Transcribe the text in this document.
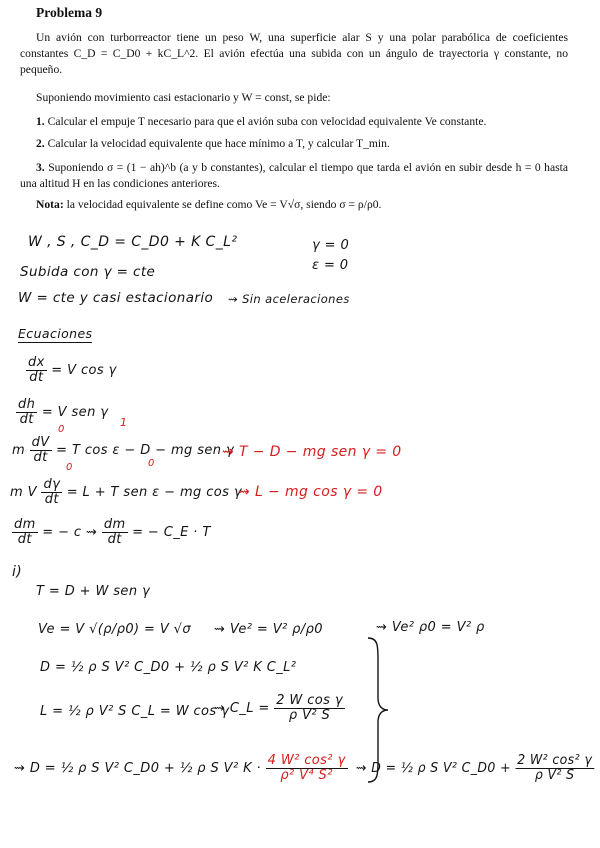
Problema 9

Un avión con turborreactor tiene un peso W, una superficie alar S y una polar parabólica de coeficientes constantes C_D = C_D0 + kC_L^2. El avión efectúa una subida con un ángulo de trayectoria γ constante, no pequeño.

Suponiendo movimiento casi estacionario y W = const, se pide:

1. Calcular el empuje T necesario para que el avión suba con velocidad equivalente Ve constante.

2. Calcular la velocidad equivalente que hace mínimo a T, y calcular T_min.

3. Suponiendo σ = (1 − ah)^b (a y b constantes), calcular el tiempo que tarda el avión en subir desde h = 0 hasta una altitud H en las condiciones anteriores.

Nota: la velocidad equivalente se define como Ve = V√σ, siendo σ = ρ/ρ0.

W , S , C_D = C_D0 + K C_L²	γ = 0
ε = 0
Subida con γ = cte
W = cte y casi estacionario ⇝ Sin aceleraciones
Ecuaciones
$\frac{dx}{dt} = V$ cos γ
$\frac{dh}{dt} = V$ sen γ
m $\frac{dV}{dt} = T$ cos ε − D − mg sen γ
⇝ T − D − mg sen γ = 0
1
0
m V $\frac{d\gamma}{dt} = L + T$ sen ε − mg cos γ
⇝ L − mg cos γ = 0
0	0
$\frac{dm}{dt}$ = − c ⇝ $\frac{dm}{dt}$ = − C_E · T
i)
T = D + W sen γ
Ve = V √(ρ/ρ0) = V √σ ⇝ Ve² = V² ρ/ρ0	⇝ Ve² ρ0 = V² ρ
D = ½ ρ S V² C_D0 + ½ ρ S V² K C_L²
L = ½ ρ V² S C_L = W cos γ
⇝ C_L = $\frac{\text{2 W cos γ}}{\text{ρ V² S}}$
⇝ D = ½ ρ S V² C_D0 + ½ ρ S V² $K \cdot \frac{\text{4 W² cos² γ}}{\text{ρ² V⁴ S²}}$ ⇝ D = ½ ρ S V² C_D0 + $\frac{\text{2 W² cos² γ}}{\text{ρ V² S}}$
